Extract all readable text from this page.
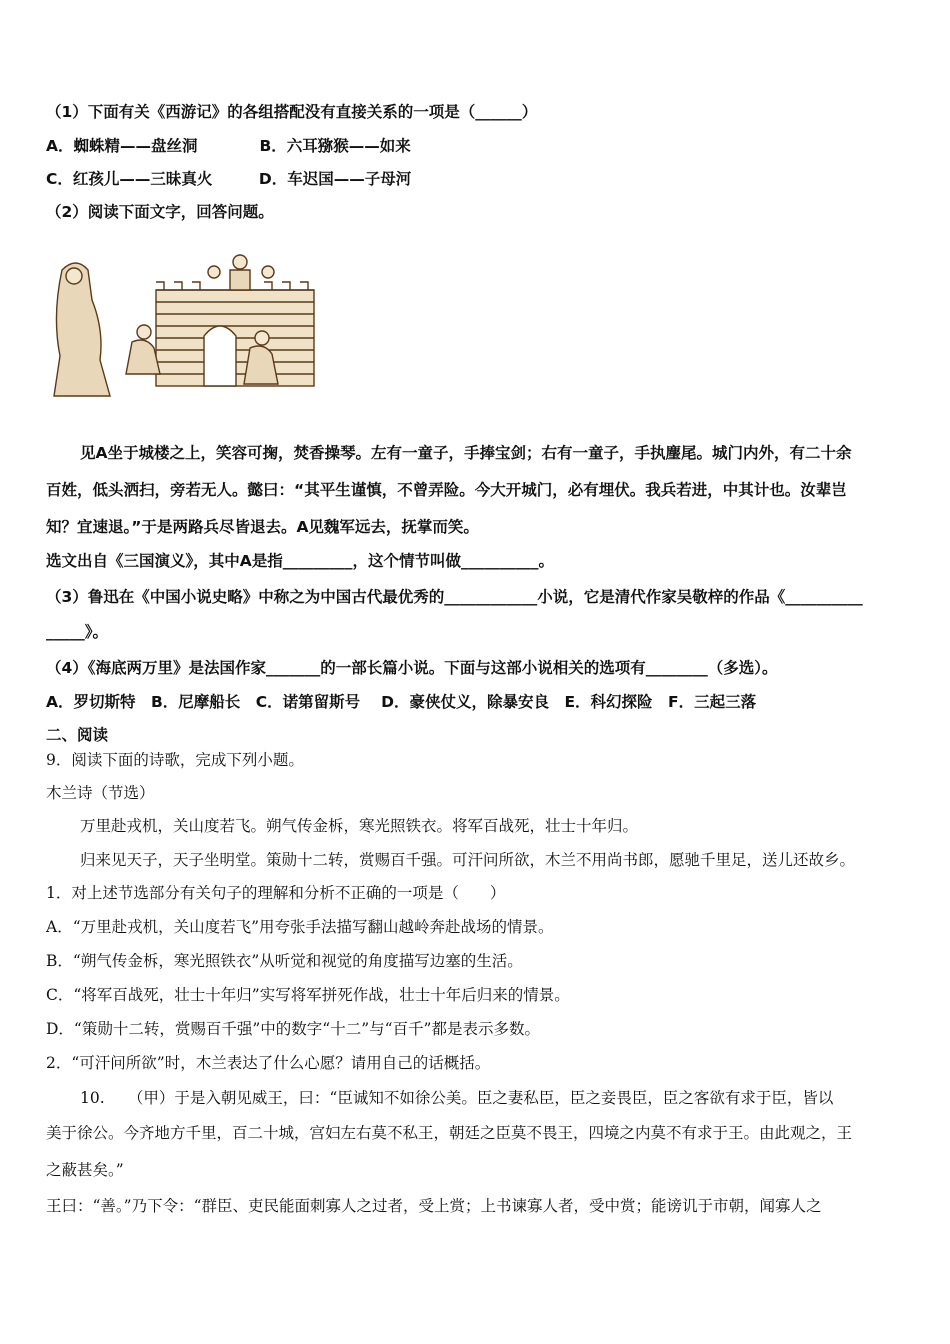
（1）下面有关《西游记》的各组搭配没有直接关系的一项是（______）
A．蜘蛛精——盘丝洞　　　　B．六耳猕猴——如来
C．红孩儿——三昧真火　　　D．车迟国——子母河
（2）阅读下面文字，回答问题。
见A坐于城楼之上，笑容可掬，焚香操琴。左有一童子，手捧宝剑；右有一童子，手执麈尾。城门内外，有二十余
百姓，低头洒扫，旁若无人。懿曰：“其平生谨慎，不曾弄险。今大开城门，必有埋伏。我兵若进，中其计也。汝辈岂
知？宜速退。”于是两路兵尽皆退去。A见魏军远去，抚掌而笑。
选文出自《三国演义》，其中A是指_________，这个情节叫做__________。
（3）鲁迅在《中国小说史略》中称之为中国古代最优秀的____________小说，它是清代作家吴敬梓的作品《__________
_____》。
（4）《海底两万里》是法国作家_______的一部长篇小说。下面与这部小说相关的选项有________（多选）。
A．罗切斯特　B．尼摩船长　C．诺第留斯号　 D．豪侠仗义，除暴安良　E．科幻探险　F．三起三落
二、阅读
9．阅读下面的诗歌，完成下列小题。
木兰诗（节选）
万里赴戎机，关山度若飞。朔气传金柝，寒光照铁衣。将军百战死，壮士十年归。
归来见天子，天子坐明堂。策勋十二转，赏赐百千强。可汗问所欲，木兰不用尚书郎，愿驰千里足，送儿还故乡。
1．对上述节选部分有关句子的理解和分析不正确的一项是（　　）
A．“万里赴戎机，关山度若飞”用夸张手法描写翻山越岭奔赴战场的情景。
B．“朔气传金柝，寒光照铁衣”从听觉和视觉的角度描写边塞的生活。
C．“将军百战死，壮士十年归”实写将军拼死作战，壮士十年后归来的情景。
D．“策勋十二转，赏赐百千强”中的数字“十二”与“百千”都是表示多数。
2．“可汗问所欲”时，木兰表达了什么心愿？请用自己的话概括。
10.　　（甲）于是入朝见威王，曰：“臣诚知不如徐公美。臣之妻私臣，臣之妾畏臣，臣之客欲有求于臣，皆以
美于徐公。今齐地方千里，百二十城，宫妇左右莫不私王，朝廷之臣莫不畏王，四境之内莫不有求于王。由此观之，王
之蔽甚矣。”
王曰：“善。”乃下令：“群臣、吏民能面刺寡人之过者，受上赏；上书谏寡人者，受中赏；能谤讥于市朝，闻寡人之
